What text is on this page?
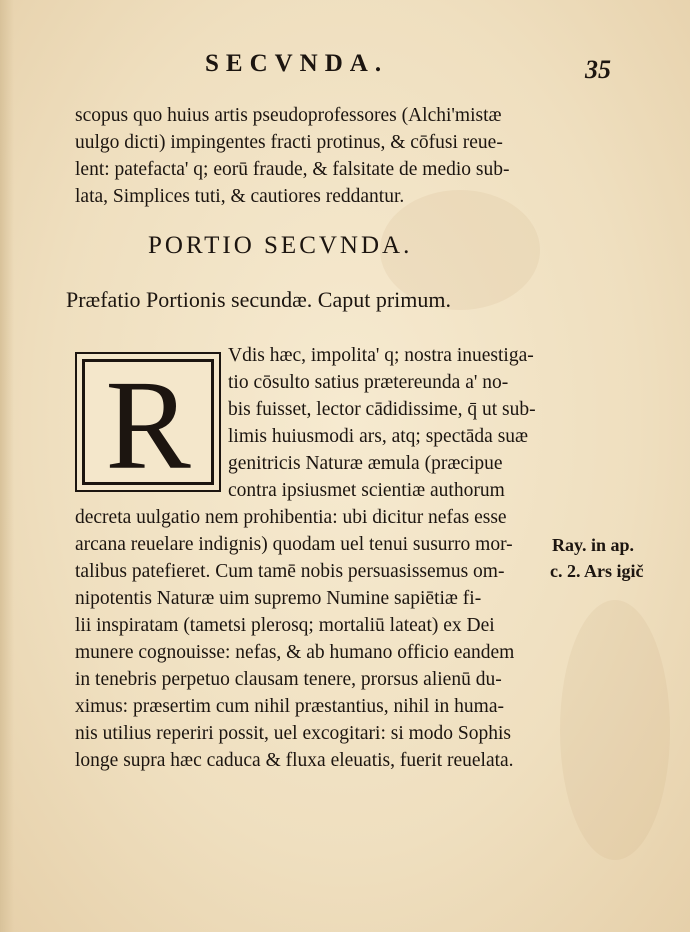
SECVNDA.	35
scopus quo huius artis pseudoprofessores (Alchi'mistæ
uulgo dicti) impingentes fracti protinus, & cōfusi reue-
lent: patefacta' q; eorū fraude, & falsitate de medio sub-
lata, Simplices tuti, & cautiores reddantur.
PORTIO SECVNDA.
Præfatio Portionis secundæ. Caput primum.
R	Vdis hæc, impolita' q; nostra inuestiga-
tio cōsulto satius prætereunda a' no-
bis fuisset, lector cādidissime, q̄ ut sub-
limis huiusmodi ars, atq; spectāda suæ
genitricis Naturæ æmula (præcipue
contra ipsiusmet scientiæ authorum
decreta uulgatio nem prohibentia: ubi dicitur nefas esse
arcana reuelare indignis) quodam uel tenui susurro mor-
talibus patefieret. Cum tamē nobis persuasissemus om-
nipotentis Naturæ uim supremo Numine sapiētiæ fi-
lii inspiratam (tametsi plerosq; mortaliū lateat) ex Dei
munere cognouisse: nefas, & ab humano officio eandem
in tenebris perpetuo clausam tenere, prorsus alienū du-
ximus: præsertim cum nihil præstantius, nihil in huma-
nis utilius reperiri possit, uel excogitari: si modo Sophis
longe supra hæc caduca & fluxa eleuatis, fuerit reuelata.
Ray. in ap.
c. 2. Ars igič
